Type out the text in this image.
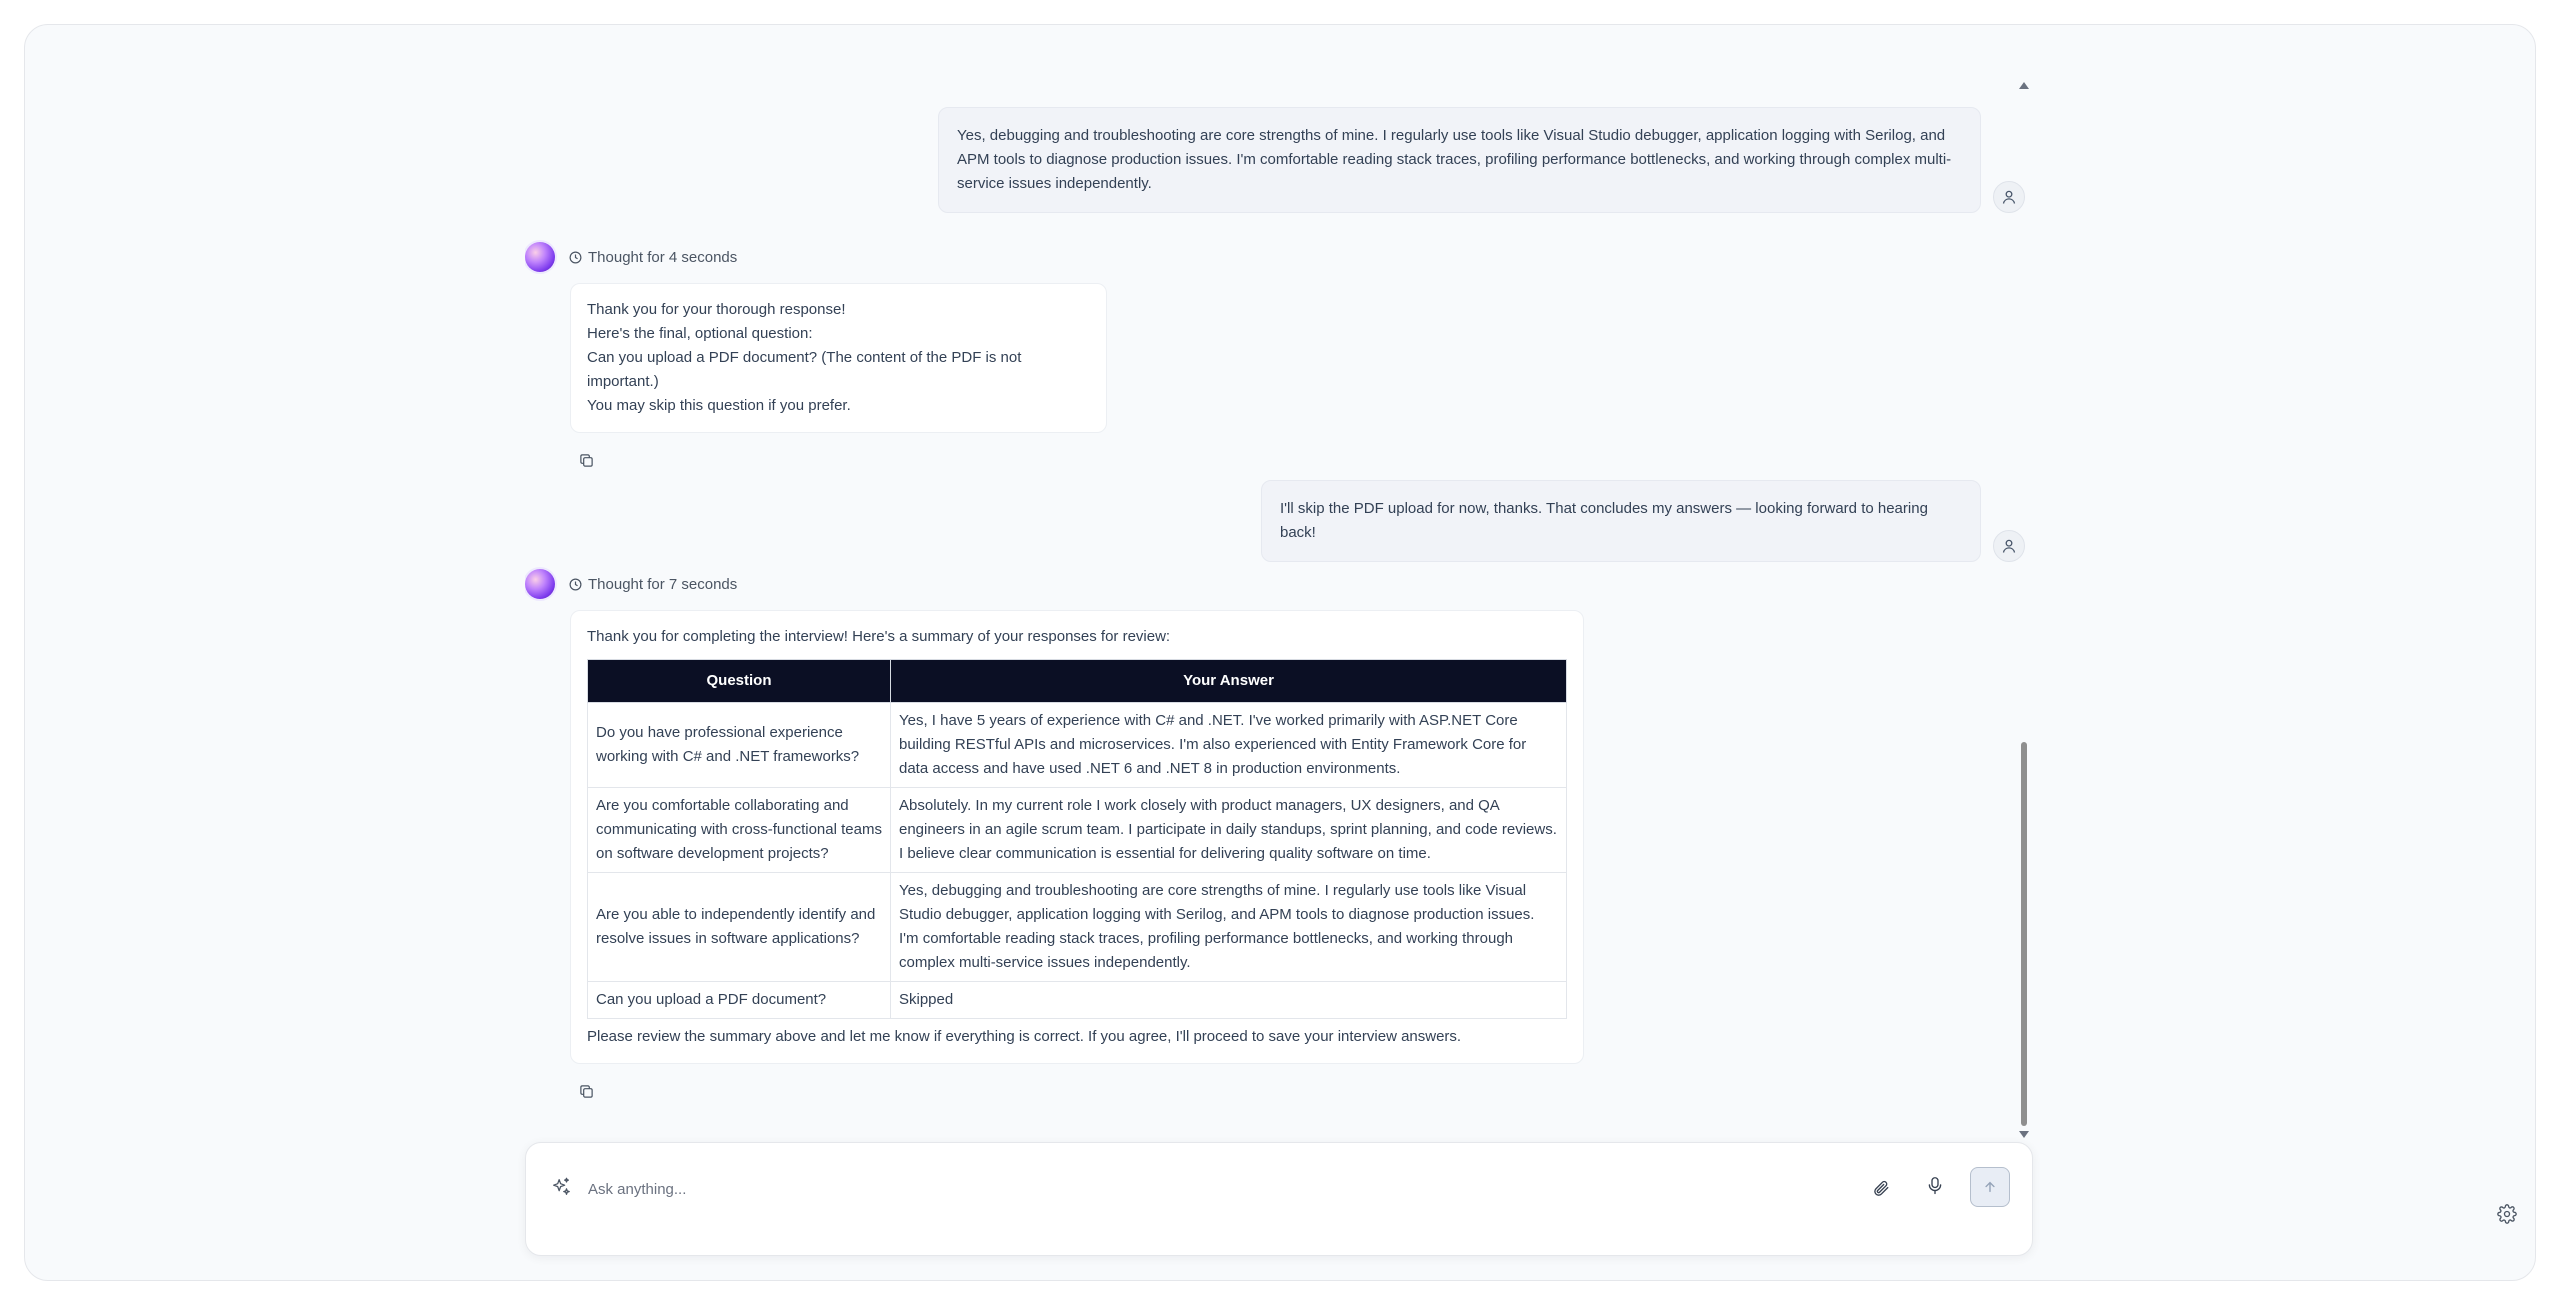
Yes, debugging and troubleshooting are core strengths of mine. I regularly use tools like Visual Studio debugger, application logging with Serilog, and APM tools to diagnose production issues. I'm comfortable reading stack traces, profiling performance bottlenecks, and working through complex multi-service issues independently.
Thought for 4 seconds
Thank you for your thorough response!
Here's the final, optional question:
Can you upload a PDF document? (The content of the PDF is not important.)
You may skip this question if you prefer.
I'll skip the PDF upload for now, thanks. That concludes my answers — looking forward to hearing back!
Thought for 7 seconds
Thank you for completing the interview! Here's a summary of your responses for review:
Question	Your Answer
Do you have professional experience working with C# and .NET frameworks?	Yes, I have 5 years of experience with C# and .NET. I've worked primarily with ASP.NET Core building RESTful APIs and microservices. I'm also experienced with Entity Framework Core for data access and have used .NET 6 and .NET 8 in production environments.
Are you comfortable collaborating and communicating with cross-functional teams on software development projects?	Absolutely. In my current role I work closely with product managers, UX designers, and QA engineers in an agile scrum team. I participate in daily standups, sprint planning, and code reviews. I believe clear communication is essential for delivering quality software on time.
Are you able to independently identify and resolve issues in software applications?	Yes, debugging and troubleshooting are core strengths of mine. I regularly use tools like Visual Studio debugger, application logging with Serilog, and APM tools to diagnose production issues. I'm comfortable reading stack traces, profiling performance bottlenecks, and working through complex multi-service issues independently.
Can you upload a PDF document?	Skipped
Please review the summary above and let me know if everything is correct. If you agree, I'll proceed to save your interview answers.
Ask anything...
